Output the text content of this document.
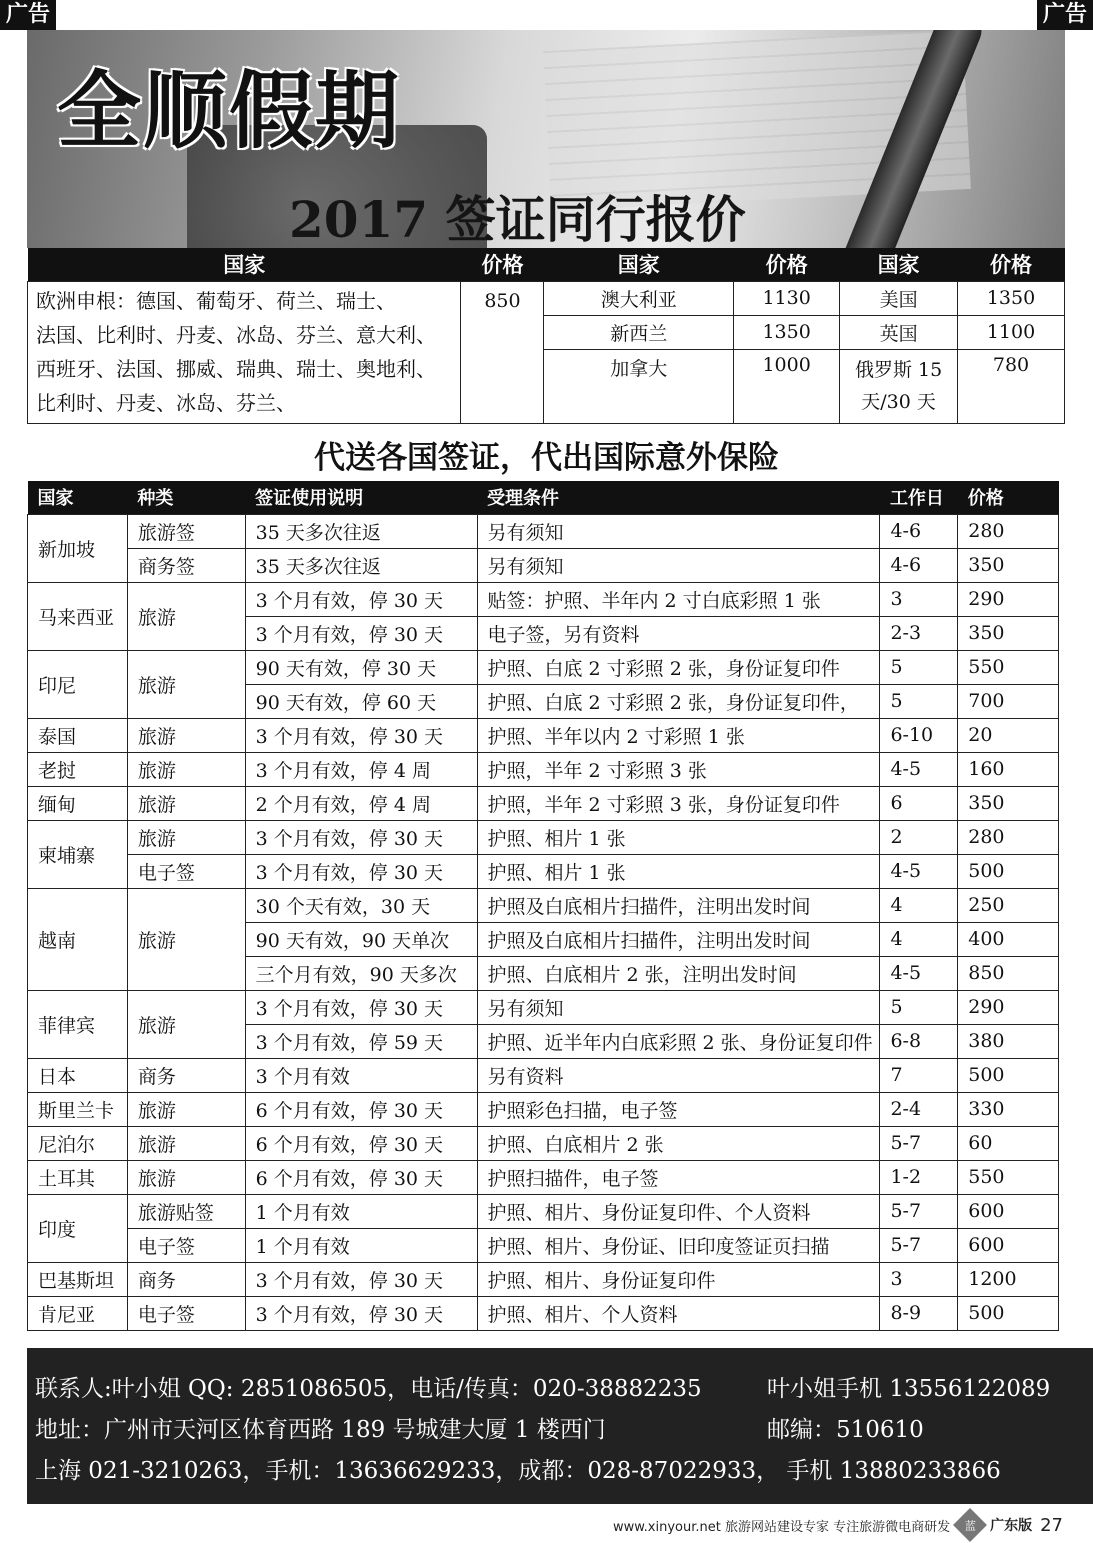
广告	广告
全顺假期
2017 签证同行报价
国家	价格	国家	价格	国家	价格

欧洲申根：德国、葡萄牙、荷兰、瑞士、
法国、比利时、丹麦、冰岛、芬兰、意大利、
西班牙、法国、挪威、瑞典、瑞士、奥地利、
比利时、丹麦、冰岛、芬兰、	850	澳大利亚	1130	美国	1350
		新西兰	1350	英国	1100
		加拿大	1000	俄罗斯 15 天/30 天	780
代送各国签证，代出国际意外保险
国家	种类	签证使用说明	受理条件	工作日	价格
新加坡	旅游签	35 天多次往返	另有须知	4-6	280
	商务签	35 天多次往返	另有须知	4-6	350
马来西亚	旅游	3 个月有效，停 30 天	贴签：护照、半年内 2 寸白底彩照 1 张	3	290
		3 个月有效，停 30 天	电子签，另有资料	2-3	350
印尼	旅游	90 天有效，停 30 天	护照、白底 2 寸彩照 2 张，身份证复印件	5	550
		90 天有效，停 60 天	护照、白底 2 寸彩照 2 张，身份证复印件，	5	700
泰国	旅游	3 个月有效，停 30 天	护照、半年以内 2 寸彩照 1 张	6-10	20
老挝	旅游	3 个月有效，停 4 周	护照，半年 2 寸彩照 3 张	4-5	160
缅甸	旅游	2 个月有效，停 4 周	护照，半年 2 寸彩照 3 张，身份证复印件	6	350
柬埔寨	旅游	3 个月有效，停 30 天	护照、相片 1 张	2	280
	电子签	3 个月有效，停 30 天	护照、相片 1 张	4-5	500
越南	旅游	30 个天有效，30 天	护照及白底相片扫描件，注明出发时间	4	250
		90 天有效，90 天单次	护照及白底相片扫描件，注明出发时间	4	400
		三个月有效，90 天多次	护照、白底相片 2 张，注明出发时间	4-5	850
菲律宾	旅游	3 个月有效，停 30 天	另有须知	5	290
		3 个月有效，停 59 天	护照、近半年内白底彩照 2 张、身份证复印件	6-8	380
日本	商务	3 个月有效	另有资料	7	500
斯里兰卡	旅游	6 个月有效，停 30 天	护照彩色扫描，电子签	2-4	330
尼泊尔	旅游	6 个月有效，停 30 天	护照、白底相片 2 张	5-7	60
土耳其	旅游	6 个月有效，停 30 天	护照扫描件，电子签	1-2	550
印度	旅游贴签	1 个月有效	护照、相片、身份证复印件、个人资料	5-7	600
	电子签	1 个月有效	护照、相片、身份证、旧印度签证页扫描	5-7	600
巴基斯坦	商务	3 个月有效，停 30 天	护照、相片、身份证复印件	3	1200
肯尼亚	电子签	3 个月有效，停 30 天	护照、相片、个人资料	8-9	500
联系人:叶小姐 QQ: 2851086505，电话/传真：020-38882235	叶小姐手机 13556122089
地址：广州市天河区体育西路 189 号城建大厦 1 楼西门	邮编：510610
上海 021-3210263，手机：13636629233，成都：028-87022933， 手机 13880233866
www.xinyour.net 旅游网站建设专家 专注旅游微电商研发 蓝 广东版 27
